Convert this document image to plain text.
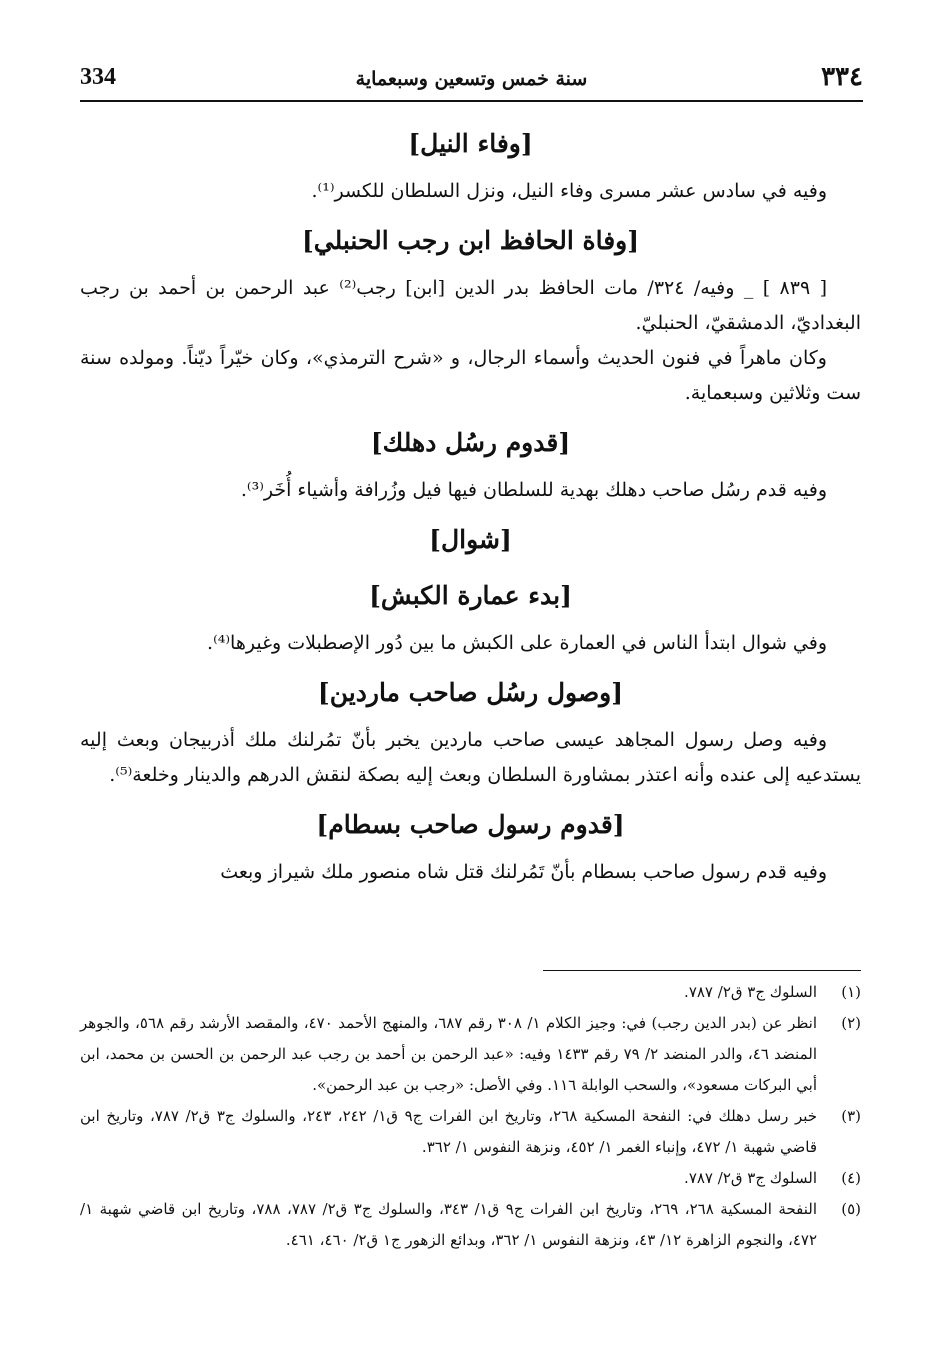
٣٣٤
سنة خمس وتسعين وسبعماية
334
[وفاء النيل]

وفيه في سادس عشر مسرى وفاء النيل، ونزل السلطان للكسر⁽¹⁾.

[وفاة الحافظ ابن رجب الحنبلي]

[ ٨٣٩ ] _ وفيه/ ٣٢٤/ مات الحافظ بدر الدين [ابن] رجب⁽²⁾ عبد الرحمن بن أحمد بن رجب البغداديّ، الدمشقيّ، الحنبليّ.

وكان ماهراً في فنون الحديث وأسماء الرجال، و «شرح الترمذي»، وكان خيّراً ديّناً. ومولده سنة ست وثلاثين وسبعماية.

[قدوم رسُل دهلك]

وفيه قدم رسُل صاحب دهلك بهدية للسلطان فيها فيل وزُرافة وأشياء أُخَر⁽³⁾.

[شوال]
[بدء عمارة الكبش]

وفي شوال ابتدأ الناس في العمارة على الكبش ما بين دُور الإصطبلات وغيرها⁽⁴⁾.

[وصول رسُل صاحب ماردين]

وفيه وصل رسول المجاهد عيسى صاحب ماردين يخبر بأنّ تمُرلنك ملك أذربيجان وبعث إليه يستدعيه إلى عنده وأنه اعتذر بمشاورة السلطان وبعث إليه بصكة لنقش الدرهم والدينار وخلعة⁽⁵⁾.

[قدوم رسول صاحب بسطام]

وفيه قدم رسول صاحب بسطام بأنّ تَمُرلنك قتل شاه منصور ملك شيراز وبعث

(١)
السلوك ج٣ ق٢/ ٧٨٧.
(٢)
انظر عن (بدر الدين رجب) في: وجيز الكلام ١/ ٣٠٨ رقم ٦٨٧، والمنهج الأحمد ٤٧٠، والمقصد الأرشد رقم ٥٦٨، والجوهر المنضد ٤٦، والدر المنضد ٢/ ٧٩ رقم ١٤٣٣ وفيه: «عبد الرحمن بن أحمد بن رجب عبد الرحمن بن الحسن بن محمد، ابن أبي البركات مسعود»، والسحب الوابلة ١١٦. وفي الأصل: «رجب بن عبد الرحمن».
(٣)
خبر رسل دهلك في: النفحة المسكية ٢٦٨، وتاريخ ابن الفرات ج٩ ق١/ ٢٤٢، ٢٤٣، والسلوك ج٣ ق٢/ ٧٨٧، وتاريخ ابن قاضي شهبة ١/ ٤٧٢، وإنباء الغمر ١/ ٤٥٢، ونزهة النفوس ١/ ٣٦٢.
(٤)
السلوك ج٣ ق٢/ ٧٨٧.
(٥)
النفحة المسكية ٢٦٨، ٢٦٩، وتاريخ ابن الفرات ج٩ ق١/ ٣٤٣، والسلوك ج٣ ق٢/ ٧٨٧، ٧٨٨، وتاريخ ابن قاضي شهبة ١/ ٤٧٢، والنجوم الزاهرة ١٢/ ٤٣، ونزهة النفوس ١/ ٣٦٢، وبدائع الزهور ج١ ق٢/ ٤٦٠، ٤٦١.
